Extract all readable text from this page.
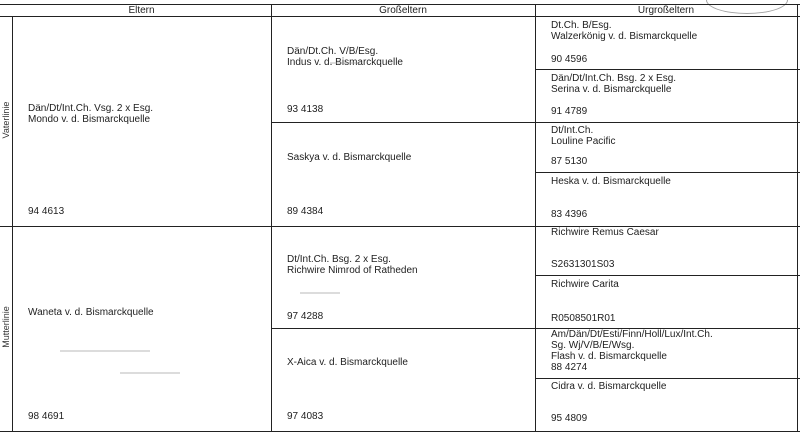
Eltern	Großeltern	Urgroßeltern
Vaterlinie
Mutterlinie
Dän/Dt/Int.Ch. Vsg. 2 x Esg.
Mondo v. d. Bismarckquelle
94 4613
Waneta v. d. Bismarckquelle
98 4691
Dän/Dt.Ch. V/B/Esg.
Indus v. d. Bismarckquelle
93 4138
Saskya v. d. Bismarckquelle
89 4384
Dt/Int.Ch. Bsg. 2 x Esg.
Richwire Nimrod of Ratheden
97 4288
X-Aica v. d. Bismarckquelle
97 4083
Dt.Ch. B/Esg.
Walzerkönig v. d. Bismarckquelle
90 4596
Dän/Dt/Int.Ch. Bsg. 2 x Esg.
Serina v. d. Bismarckquelle
91 4789
Dt/Int.Ch.
Louline Pacific
87 5130
Heska v. d. Bismarckquelle
83 4396
Richwire Remus Caesar
S2631301S03
Richwire Carita
R0508501R01
Am/Dän/Dt/Esti/Finn/Holl/Lux/Int.Ch.
Sg. Wj/V/B/E/Wsg.
Flash v. d. Bismarckquelle
88 4274
Cidra v. d. Bismarckquelle
95 4809
